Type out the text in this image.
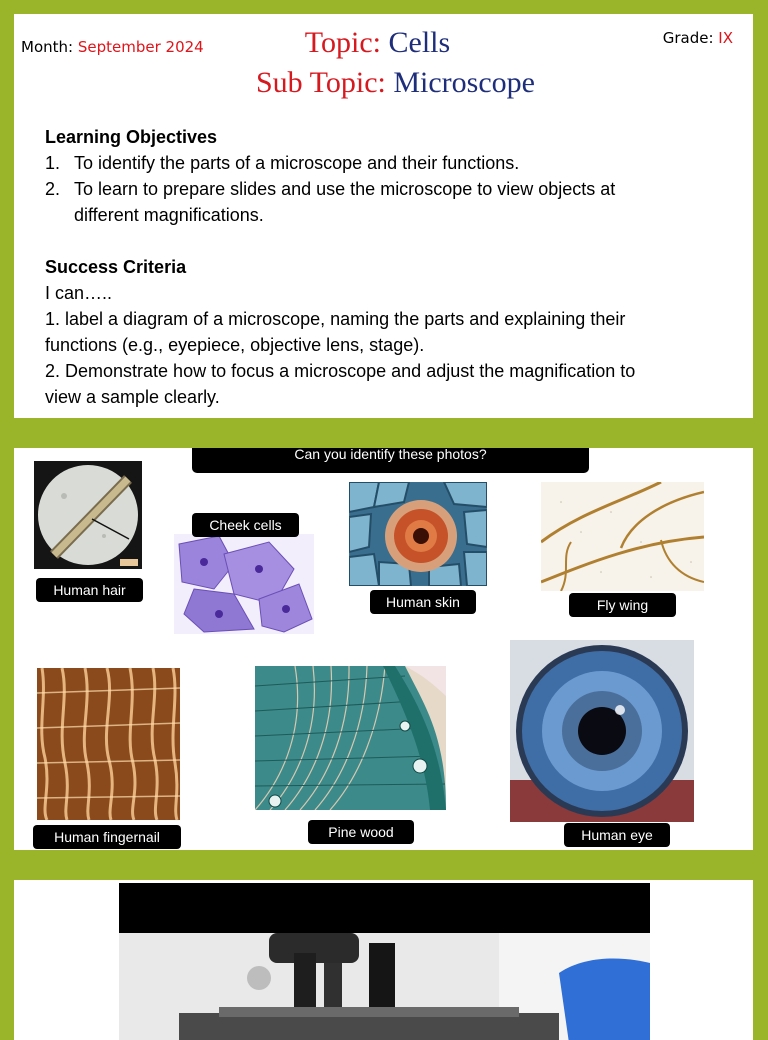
Month: September 2024	Grade: IX
Topic: Cells
Sub Topic: Microscope
Learning Objectives
1. To identify the parts of a microscope and their functions.
2. To learn to prepare slides and use the microscope to view objects at different magnifications.
Success Criteria
I can…..
1. label a diagram of a microscope, naming the parts and explaining their functions (e.g., eyepiece, objective lens, stage).
2. Demonstrate how to focus a microscope and adjust the magnification to view a sample clearly.
Can you identify these photos?
Human hair
Cheek cells
Human skin	Fly wing
Human fingernail	Pine wood	Human eye
